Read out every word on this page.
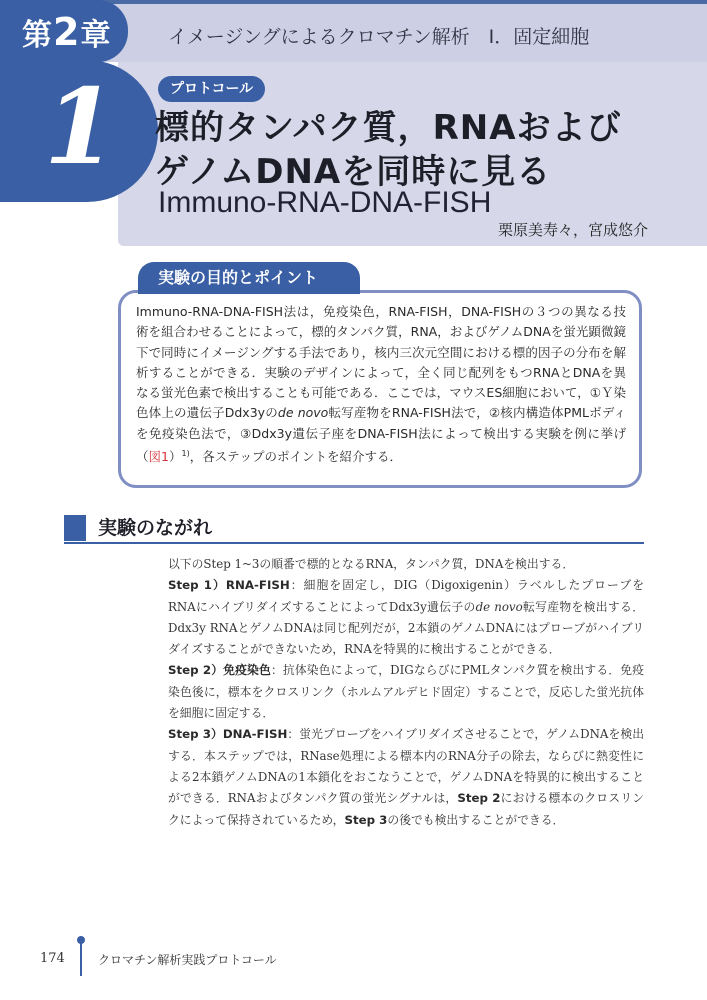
第2章	イメージングによるクロマチン解析　Ⅰ．固定細胞
1	プロトコール
標的タンパク質，RNAおよび
ゲノムDNAを同時に見る
Immuno-RNA-DNA-FISH
栗原美寿々，宮成悠介
実験の目的とポイント
Immuno-RNA-DNA-FISH法は，免疫染色，RNA-FISH，DNA-FISHの３つの異なる技術を組合わせることによって，標的タンパク質，RNA，およびゲノムDNAを蛍光顕微鏡下で同時にイメージングする手法であり，核内三次元空間における標的因子の分布を解析することができる．実験のデザインによって，全く同じ配列をもつRNAとDNAを異なる蛍光色素で検出することも可能である．ここでは，マウスES細胞において，①Ｙ染色体上の遺伝子Ddx3yのde novo転写産物をRNA-FISH法で，②核内構造体PMLボディを免疫染色法で，③Ddx3y遺伝子座をDNA-FISH法によって検出する実験を例に挙げ（図1）$^{1)}$，各ステップのポイントを紹介する．
実験のながれ

以下のStep 1~3の順番で標的となるRNA，タンパク質，DNAを検出する．

Step 1）RNA-FISH：細胞を固定し，DIG（Digoxigenin）ラベルしたプローブをRNAにハイブリダイズすることによってDdx3y遺伝子のde novo転写産物を検出する．Ddx3y RNAとゲノムDNAは同じ配列だが，2本鎖のゲノムDNAにはプローブがハイブリダイズすることができないため，RNAを特異的に検出することができる．

Step 2）免疫染色：抗体染色によって，DIGならびにPMLタンパク質を検出する．免疫染色後に，標本をクロスリンク（ホルムアルデヒド固定）することで，反応した蛍光抗体を細胞に固定する．

Step 3）DNA-FISH：蛍光プローブをハイブリダイズさせることで，ゲノムDNAを検出する．本ステップでは，RNase処理による標本内のRNA分子の除去，ならびに熱変性による2本鎖ゲノムDNAの1本鎖化をおこなうことで，ゲノムDNAを特異的に検出することができる．RNAおよびタンパク質の蛍光シグナルは，Step 2における標本のクロスリンクによって保持されているため，Step 3の後でも検出することができる．

174	クロマチン解析実践プロトコール
